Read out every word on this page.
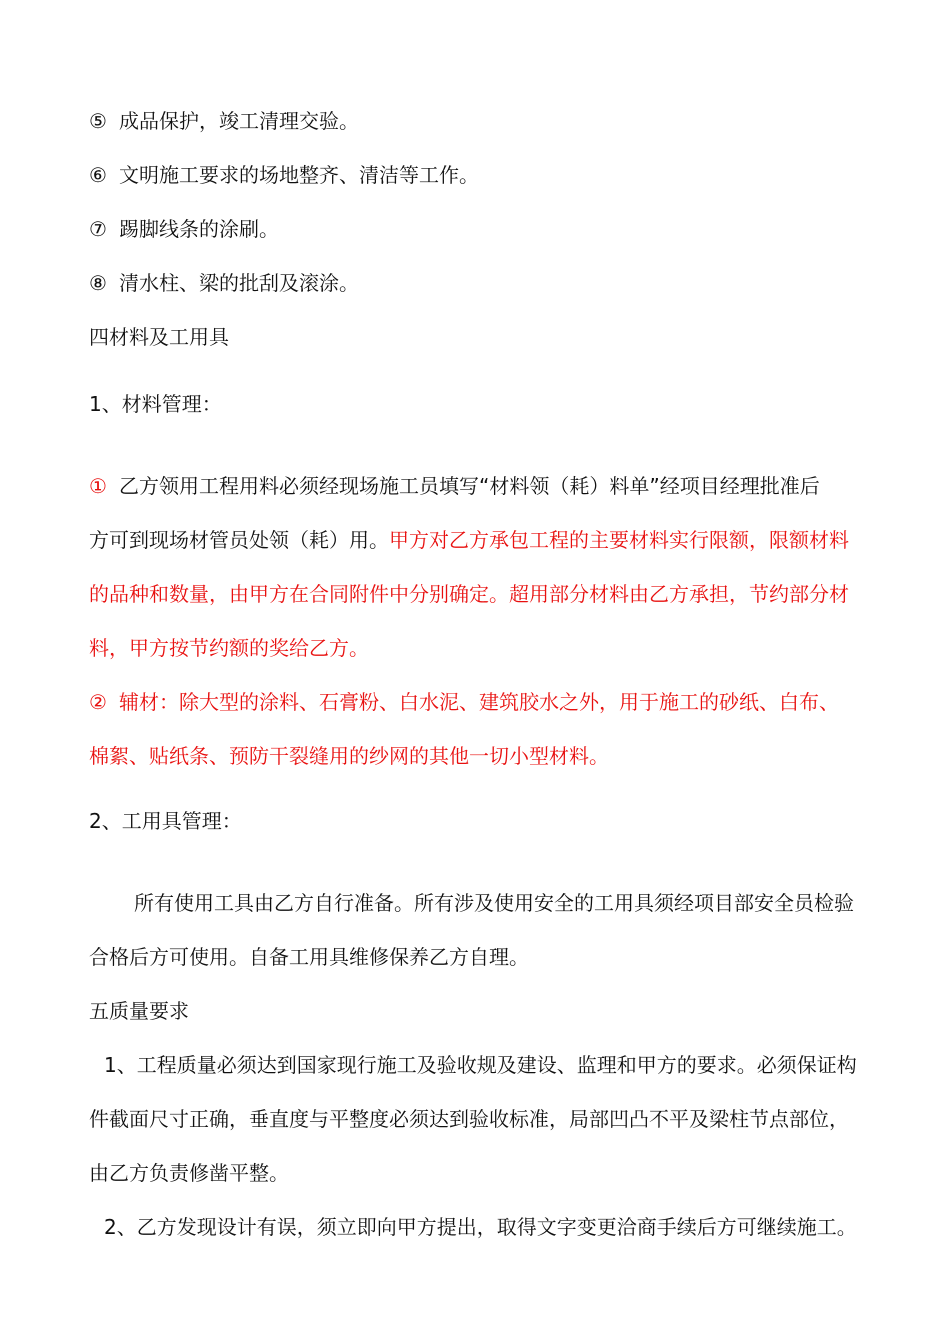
⑤ 成品保护，竣工清理交验。

⑥ 文明施工要求的场地整齐、清洁等工作。

⑦ 踢脚线条的涂刷。

⑧ 清水柱、梁的批刮及滚涂。

四材料及工用具

1、材料管理：

① 乙方领用工程用料必须经现场施工员填写“材料领（耗）料单”经项目经理批准后

方可到现场材管员处领（耗）用。甲方对乙方承包工程的主要材料实行限额，限额材料

的品种和数量，由甲方在合同附件中分别确定。超用部分材料由乙方承担，节约部分材

料，甲方按节约额的奖给乙方。

② 辅材：除大型的涂料、石膏粉、白水泥、建筑胶水之外，用于施工的砂纸、白布、

棉絮、贴纸条、预防干裂缝用的纱网的其他一切小型材料。

2、工用具管理：

所有使用工具由乙方自行准备。所有涉及使用安全的工用具须经项目部安全员检验

合格后方可使用。自备工用具维修保养乙方自理。

五质量要求

1、工程质量必须达到国家现行施工及验收规及建设、监理和甲方的要求。必须保证构

件截面尺寸正确，垂直度与平整度必须达到验收标准，局部凹凸不平及梁柱节点部位，

由乙方负责修凿平整。

2、乙方发现设计有误，须立即向甲方提出，取得文字变更洽商手续后方可继续施工。
